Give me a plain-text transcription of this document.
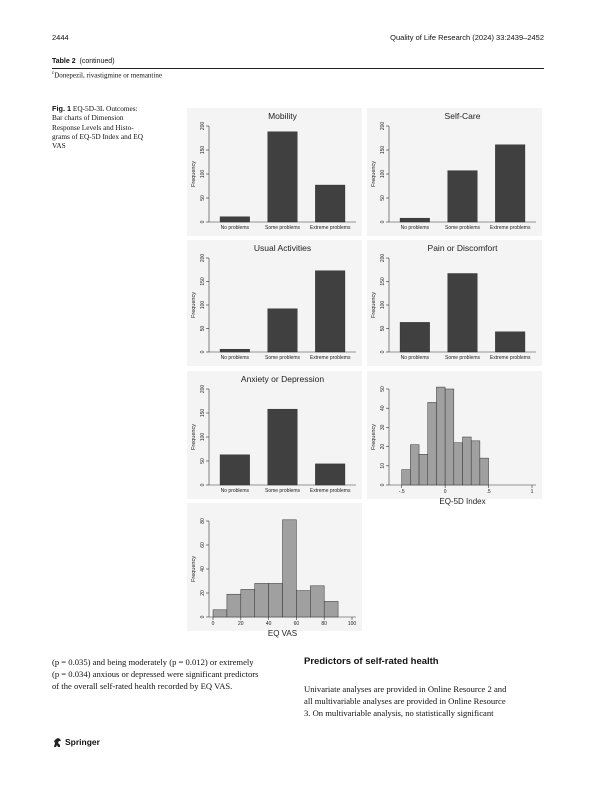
2444	Quality of Life Research (2024) 33:2439–2452
Table 2 (continued)
$^c$Donepezil, rivastigmine or memantine
Fig. 1 EQ-5D-3L Outcomes:
Bar charts of Dimension
Response Levels and Histo-
grams of EQ-5D Index and EQ
VAS
Mobility
0
50
100
150
200
Frequency
No problems	Some problems Extreme problems
Self-Care
0
50
100
150
200
Frequency
No problems	Some problems Extreme problems
Usual Activities
0
50
100
150
200
Frequency
No problems	Some problems Extreme problems
Pain or Discomfort
0
50
100
150
200
Frequency
No problems	Some problems Extreme problems
Anxiety or Depression
0
50
100
150
200
Frequency
No problems	Some problems Extreme problems
0
10
20
30
40
50
Frequency
-.5	0	.5	1
EQ-5D Index
0
20
40
60
80
Frequency
0	20	40	60	80	100
EQ VAS
(p = 0.035) and being moderately (p = 0.012) or extremely
(p = 0.034) anxious or depressed were significant predictors
of the overall self-rated health recorded by EQ VAS.
Predictors of self-rated health
Univariate analyses are provided in Online Resource 2 and
all multivariable analyses are provided in Online Resource
3. On multivariable analysis, no statistically significant
Springer
